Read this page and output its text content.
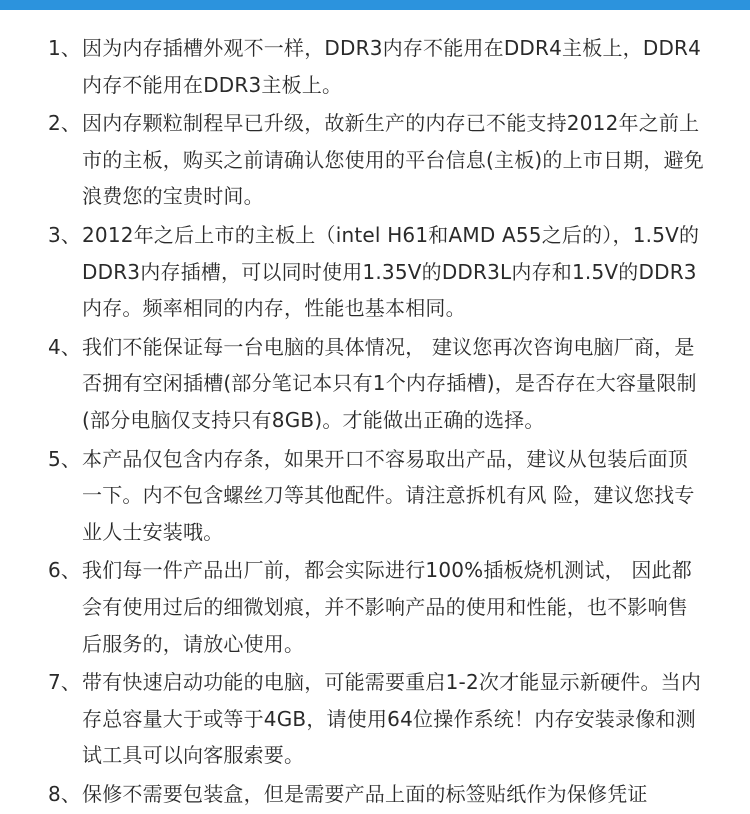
1、 因为内存插槽外观不一样，DDR3内存不能用在DDR4主板上，DDR4内存不能用在DDR3主板上。
2、 因内存颗粒制程早已升级，故新生产的内存已不能支持2012年之前上市的主板，购买之前请确认您使用的平台信息(主板)的上市日期，避免浪费您的宝贵时间。
3、 2012年之后上市的主板上（intel H61和AMD A55之后的），1.5V的DDR3内存插槽，可以同时使用1.35V的DDR3L内存和1.5V的DDR3内存。频率相同的内存，性能也基本相同。
4、 我们不能保证每一台电脑的具体情况， 建议您再次咨询电脑厂商，是否拥有空闲插槽(部分笔记本只有1个内存插槽)，是否存在大容量限制(部分电脑仅支持只有8GB)。才能做出正确的选择。
5、 本产品仅包含内存条，如果开口不容易取出产品，建议从包装后面顶一下。内不包含螺丝刀等其他配件。请注意拆机有风 险，建议您找专业人士安装哦。
6、 我们每一件产品出厂前，都会实际进行100%插板烧机测试， 因此都会有使用过后的细微划痕，并不影响产品的使用和性能，也不影响售后服务的，请放心使用。
7、 带有快速启动功能的电脑，可能需要重启1-2次才能显示新硬件。当内存总容量大于或等于4GB，请使用64位操作系统！内存安装录像和测试工具可以向客服索要。
8、 保修不需要包装盒，但是需要产品上面的标签贴纸作为保修凭证
